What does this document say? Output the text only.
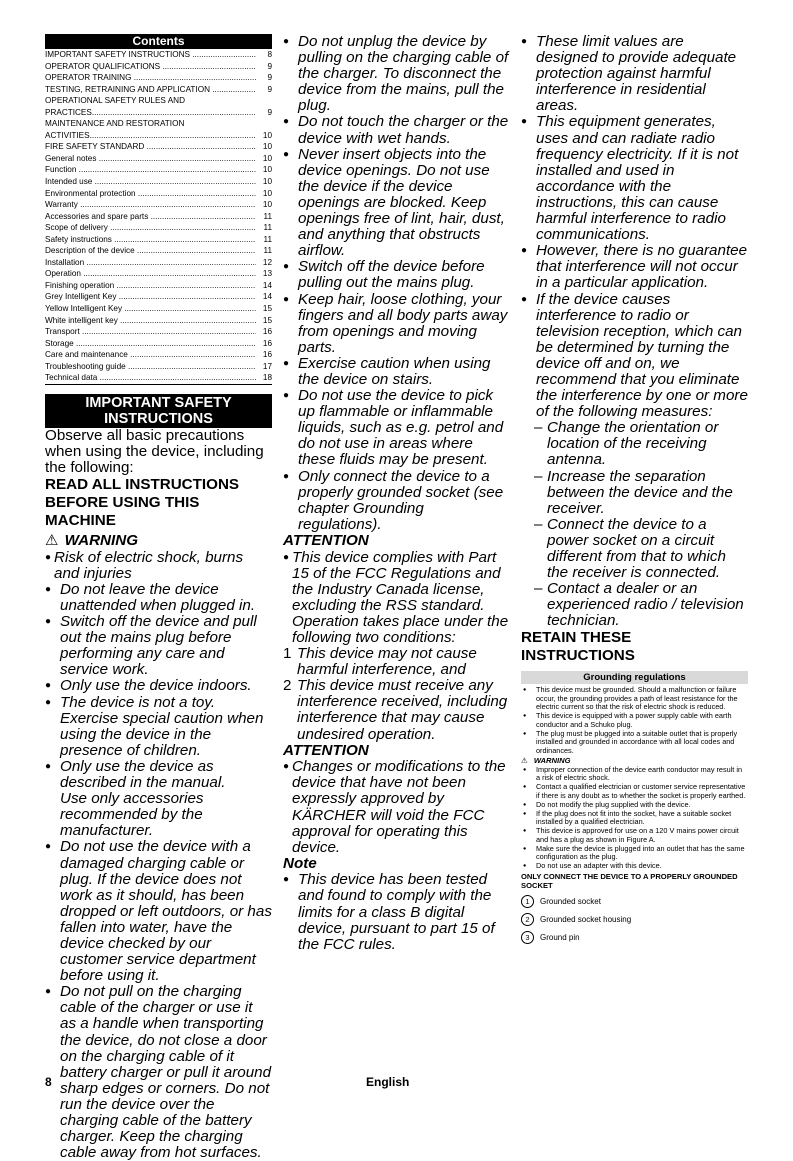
Contents
IMPORTANT SAFETY INSTRUCTIONS .....	8
OPERATOR QUALIFICATIONS .....	9
OPERATOR TRAINING .....	9
TESTING, RETRAINING AND APPLICATION .....	9
OPERATIONAL SAFETY RULES AND PRACTICES .....	9
MAINTENANCE AND RESTORATION ACTIVITIES .....	10
FIRE SAFETY STANDARD .....	10
General notes .....	10
Function .....	10
Intended use .....	10
Environmental protection .....	10
Warranty .....	10
Accessories and spare parts .....	11
Scope of delivery .....	11
Safety instructions .....	11
Description of the device .....	11
Installation .....	12
Operation .....	13
Finishing operation .....	14
Grey Intelligent Key .....	14
Yellow Intelligent Key .....	15
White intelligent key .....	15
Transport .....	16
Storage .....	16
Care and maintenance .....	16
Troubleshooting guide .....	17
Technical data .....	18
IMPORTANT SAFETY INSTRUCTIONS
Observe all basic precautions when using the device, including the following:
READ ALL INSTRUCTIONS BEFORE USING THIS MACHINE
⚠ WARNING
● Risk of electric shock, burns and injuries
● Do not leave the device unattended when plugged in.
● Switch off the device and pull out the mains plug before performing any care and service work.
● Only use the device indoors.
● The device is not a toy. Exercise special caution when using the device in the presence of children.
● Only use the device as described in the manual.
Use only accessories recommended by the manufacturer.
● Do not use the device with a damaged charging cable or plug. If the device does not work as it should, has been dropped or left outdoors, or has fallen into water, have the device checked by our customer service department before using it.
● Do not pull on the charging cable of the charger or use it as a handle when transporting the device, do not close a door on the charging cable of it battery charger or pull it around sharp edges or corners. Do not run the device over the charging cable of the battery charger. Keep the charging cable away from hot surfaces.
● Do not unplug the device by pulling on the charging cable of the charger. To disconnect the device from the mains, pull the plug.
● Do not touch the charger or the device with wet hands.
● Never insert objects into the device openings. Do not use the device if the device openings are blocked. Keep openings free of lint, hair, dust, and anything that obstructs airflow.
● Switch off the device before pulling out the mains plug.
● Keep hair, loose clothing, your fingers and all body parts away from openings and moving parts.
● Exercise caution when using the device on stairs.
● Do not use the device to pick up flammable or inflammable liquids, such as e.g. petrol and do not use in areas where these fluids may be present.
● Only connect the device to a properly grounded socket (see chapter Grounding regulations).
ATTENTION
● This device complies with Part 15 of the FCC Regulations and the Industry Canada license, excluding the RSS standard. Operation takes place under the following two conditions:
1 This device may not cause harmful interference, and
2 This device must receive any interference received, including interference that may cause undesired operation.
ATTENTION
● Changes or modifications to the device that have not been expressly approved by KÄRCHER will void the FCC approval for operating this device.
Note
● This device has been tested and found to comply with the limits for a class B digital device, pursuant to part 15 of the FCC rules.
● These limit values are designed to provide adequate protection against harmful interference in residential areas.
● This equipment generates, uses and can radiate radio frequency electricity. If it is not installed and used in accordance with the instructions, this can cause harmful interference to radio communications.
● However, there is no guarantee that interference will not occur in a particular application.
● If the device causes interference to radio or television reception, which can be determined by turning the device off and on, we recommend that you eliminate the interference by one or more of the following measures:
– Change the orientation or location of the receiving antenna.
– Increase the separation between the device and the receiver.
– Connect the device to a power socket on a circuit different from that to which the receiver is connected.
– Contact a dealer or an experienced radio / television technician.
RETAIN THESE INSTRUCTIONS
Grounding regulations
● This device must be grounded. Should a malfunction or failure occur, the grounding provides a path of least resistance for the electric current so that the risk of electric shock is reduced.
● This device is equipped with a power supply cable with earth conductor and a Schuko plug.
● The plug must be plugged into a suitable outlet that is properly installed and grounded in accordance with all local codes and ordinances.
⚠ WARNING
● Improper connection of the device earth conductor may result in a risk of electric shock.
● Contact a qualified electrician or customer service representative if there is any doubt as to whether the socket is properly earthed.
● Do not modify the plug supplied with the device.
● If the plug does not fit into the socket, have a suitable socket installed by a qualified electrician.
● This device is approved for use on a 120 V mains power circuit and has a plug as shown in Figure A.
● Make sure the device is plugged into an outlet that has the same configuration as the plug.
● Do not use an adapter with this device.
ONLY CONNECT THE DEVICE TO A PROPERLY GROUNDED SOCKET
1	Grounded socket
2	Grounded socket housing
3	Ground pin
8	English
